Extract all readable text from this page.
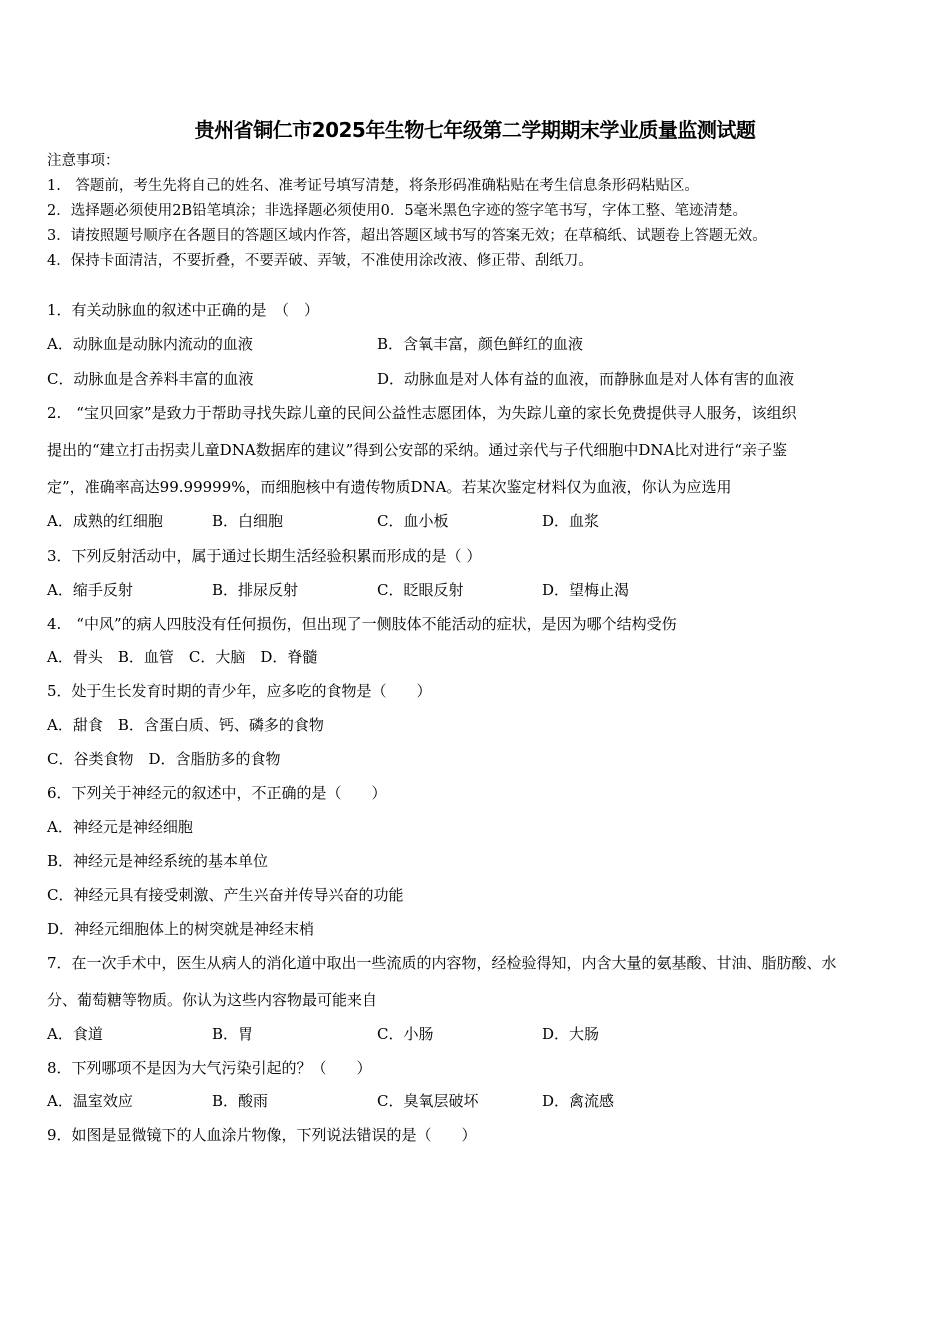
贵州省铜仁市2025年生物七年级第二学期期末学业质量监测试题
注意事项：
1.　答题前，考生先将自己的姓名、准考证号填写清楚，将条形码准确粘贴在考生信息条形码粘贴区。
2．选择题必须使用2B铅笔填涂；非选择题必须使用0．5毫米黑色字迹的签字笔书写，字体工整、笔迹清楚。
3．请按照题号顺序在各题目的答题区域内作答，超出答题区域书写的答案无效；在草稿纸、试题卷上答题无效。
4．保持卡面清洁，不要折叠，不要弄破、弄皱，不准使用涂改液、修正带、刮纸刀。
1．有关动脉血的叙述中正确的是　（　）
A．动脉血是动脉内流动的血液	B．含氧丰富，颜色鲜红的血液
C．动脉血是含养料丰富的血液	D．动脉血是对人体有益的血液，而静脉血是对人体有害的血液
2.　“宝贝回家”是致力于帮助寻找失踪儿童的民间公益性志愿团体，为失踪儿童的家长免费提供寻人服务，该组织
提出的“建立打击拐卖儿童DNA数据库的建议”得到公安部的采纳。通过亲代与子代细胞中DNA比对进行“亲子鉴
定”，准确率高达99.99999%，而细胞核中有遗传物质DNA。若某次鉴定材料仅为血液，你认为应选用
A．成熟的红细胞	B．白细胞	C．血小板	D．血浆
3．下列反射活动中，属于通过长期生活经验积累而形成的是（ ）
A．缩手反射	B．排尿反射	C．眨眼反射	D．望梅止渴
4.　“中风”的病人四肢没有任何损伤，但出现了一侧肢体不能活动的症状，是因为哪个结构受伤
A．骨头　B．血管　C．大脑　D．脊髓
5．处于生长发育时期的青少年，应多吃的食物是（　　）
A．甜食　B．含蛋白质、钙、磷多的食物
C．谷类食物　D．含脂肪多的食物
6．下列关于神经元的叙述中，不正确的是（　　）
A．神经元是神经细胞
B．神经元是神经系统的基本单位
C．神经元具有接受刺激、产生兴奋并传导兴奋的功能
D．神经元细胞体上的树突就是神经末梢
7．在一次手术中，医生从病人的消化道中取出一些流质的内容物，经检验得知，内含大量的氨基酸、甘油、脂肪酸、水
分、葡萄糖等物质。你认为这些内容物最可能来自
A．食道	B．胃	C．小肠	D．大肠
8．下列哪项不是因为大气污染引起的？（　　）
A．温室效应	B．酸雨	C．臭氧层破坏	D．禽流感
9．如图是显微镜下的人血涂片物像，下列说法错误的是（　　）
